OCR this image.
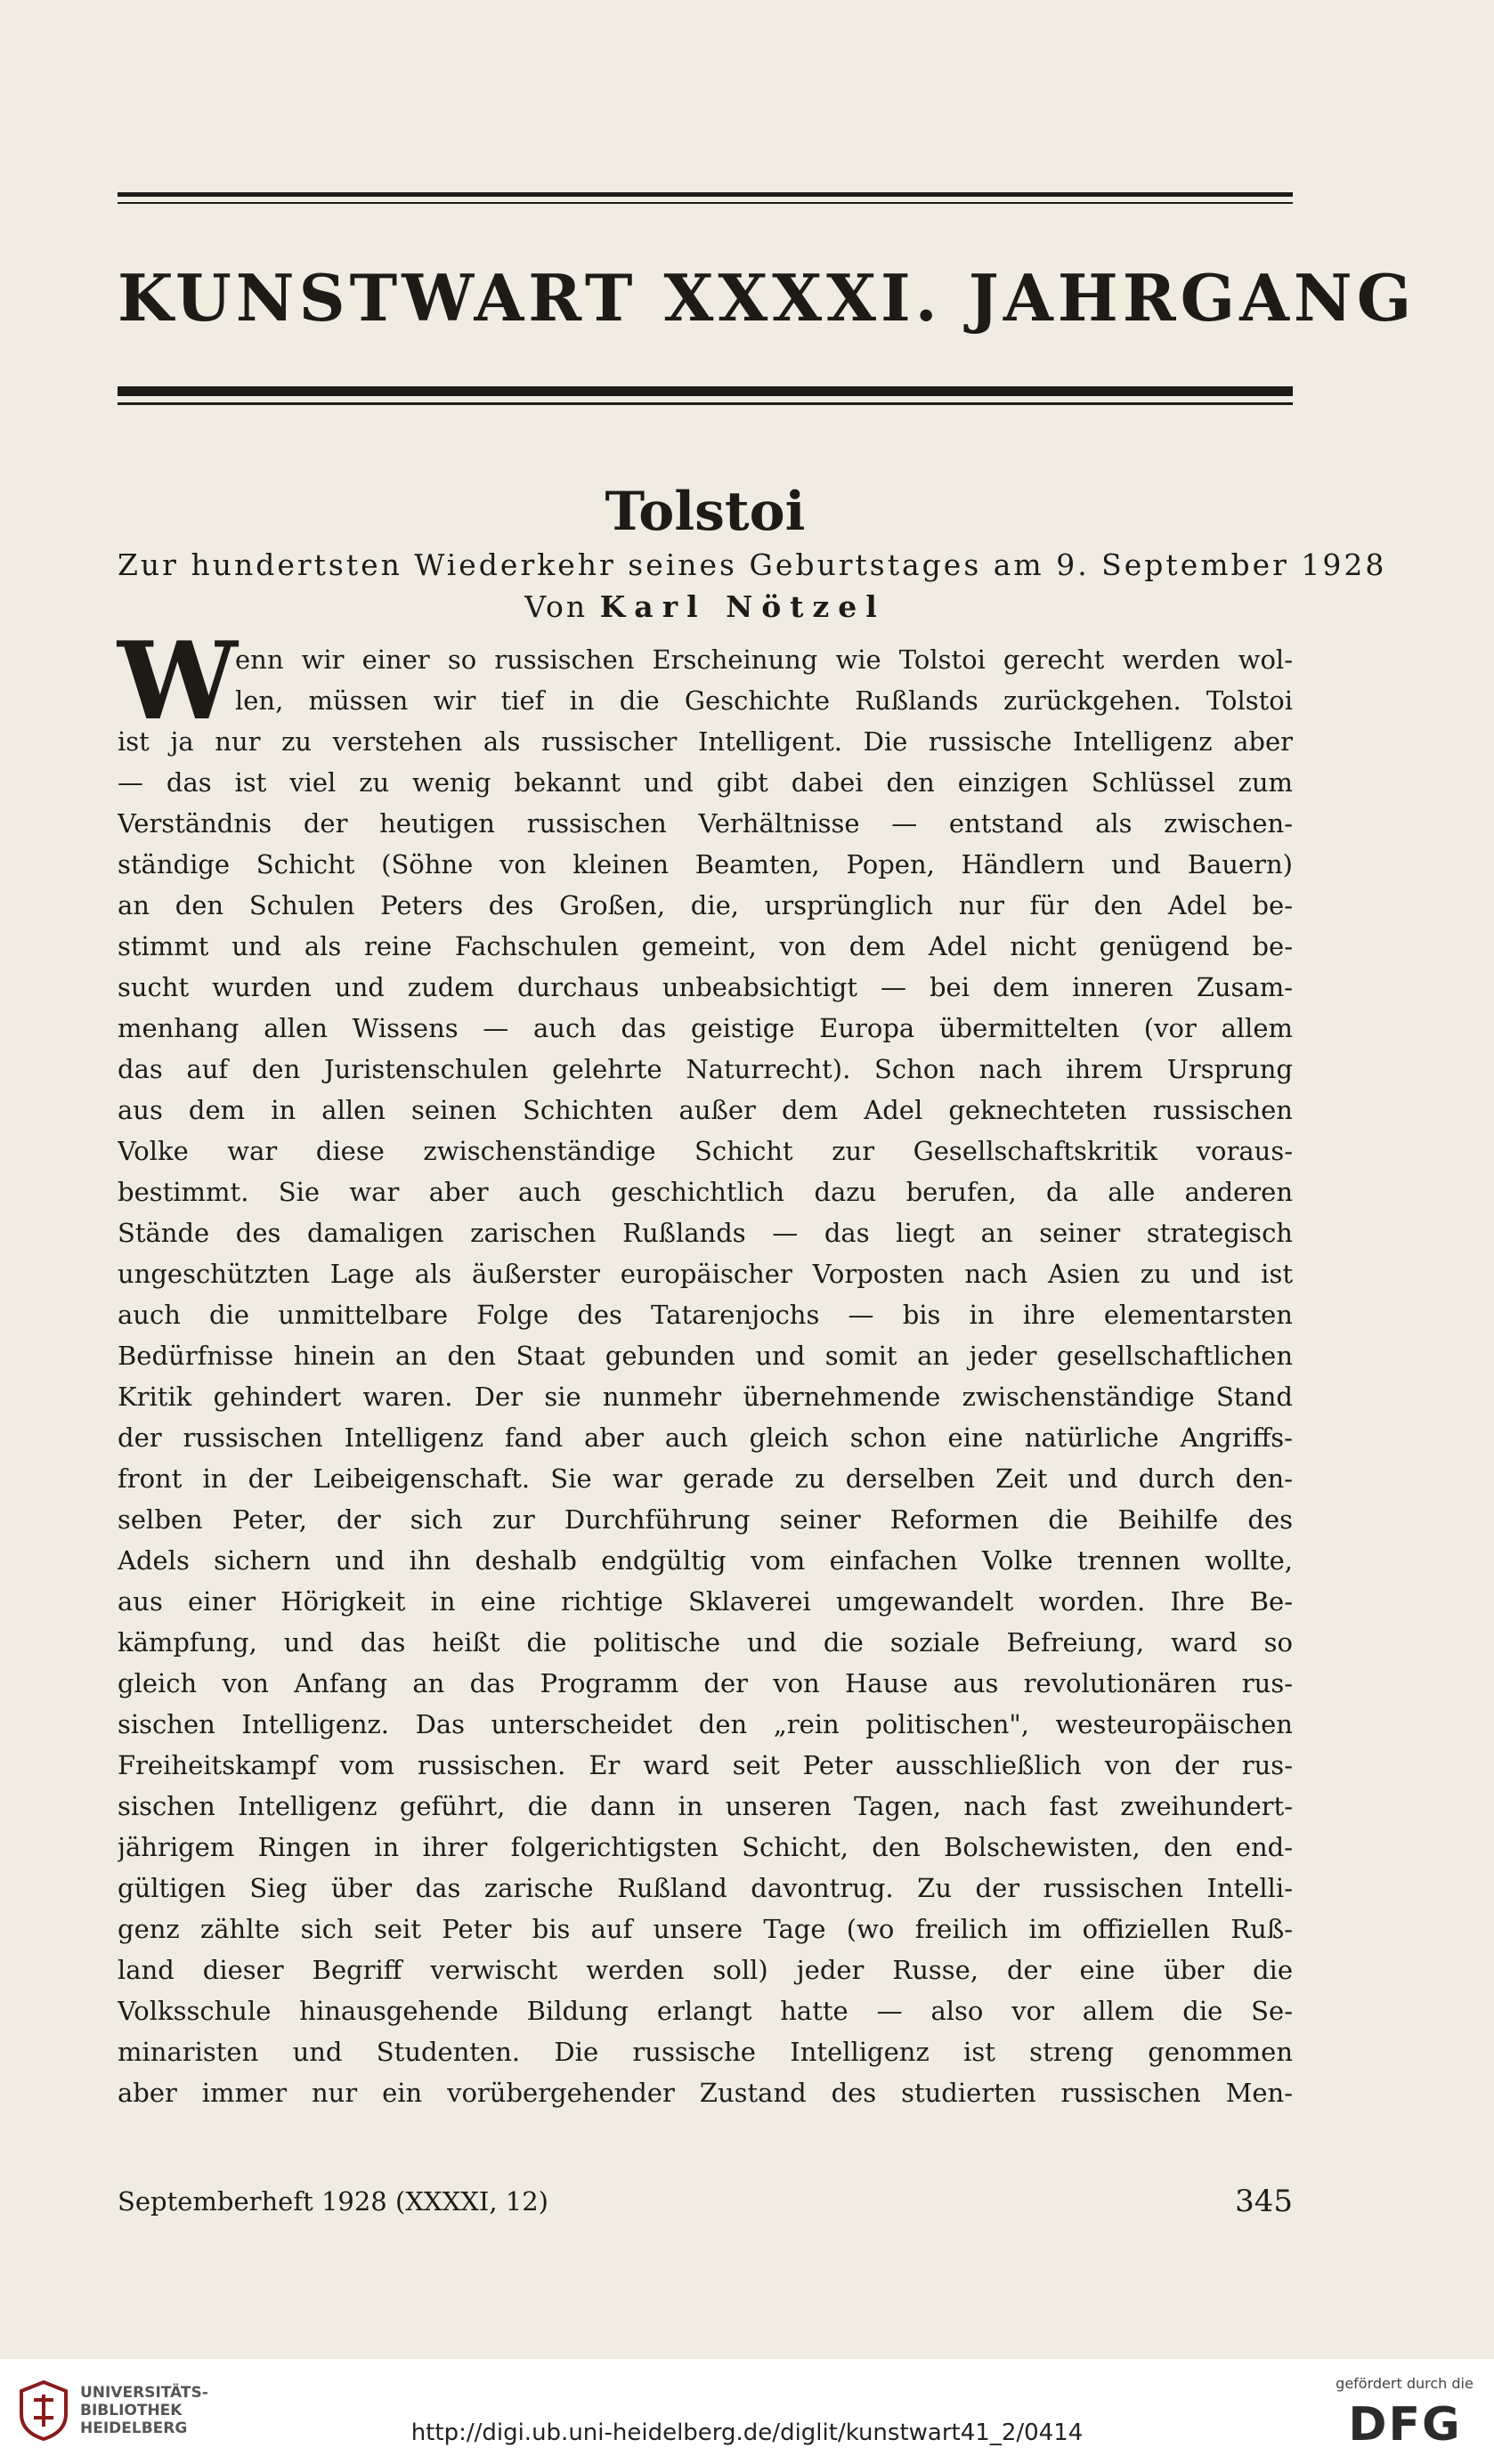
KUNSTWART XXXXI. JAHRGANG
Tolstoi
Zur hundertsten Wiederkehr seines Geburtstages am 9. September 1928
Von Karl Nötzel
W
enn wir einer so russischen Erscheinung wie Tolstoi gerecht werden wol-
len, müssen wir tief in die Geschichte Rußlands zurückgehen. Tolstoi
ist ja nur zu verstehen als russischer Intelligent. Die russische Intelligenz aber
— das ist viel zu wenig bekannt und gibt dabei den einzigen Schlüssel zum
Verständnis der heutigen russischen Verhältnisse — entstand als zwischen-
ständige Schicht (Söhne von kleinen Beamten, Popen, Händlern und Bauern)
an den Schulen Peters des Großen, die, ursprünglich nur für den Adel be-
stimmt und als reine Fachschulen gemeint, von dem Adel nicht genügend be-
sucht wurden und zudem durchaus unbeabsichtigt — bei dem inneren Zusam-
menhang allen Wissens — auch das geistige Europa übermittelten (vor allem
das auf den Juristenschulen gelehrte Naturrecht). Schon nach ihrem Ursprung
aus dem in allen seinen Schichten außer dem Adel geknechteten russischen
Volke war diese zwischenständige Schicht zur Gesellschaftskritik voraus-
bestimmt. Sie war aber auch geschichtlich dazu berufen, da alle anderen
Stände des damaligen zarischen Rußlands — das liegt an seiner strategisch
ungeschützten Lage als äußerster europäischer Vorposten nach Asien zu und ist
auch die unmittelbare Folge des Tatarenjochs — bis in ihre elementarsten
Bedürfnisse hinein an den Staat gebunden und somit an jeder gesellschaftlichen
Kritik gehindert waren. Der sie nunmehr übernehmende zwischenständige Stand
der russischen Intelligenz fand aber auch gleich schon eine natürliche Angriffs-
front in der Leibeigenschaft. Sie war gerade zu derselben Zeit und durch den-
selben Peter, der sich zur Durchführung seiner Reformen die Beihilfe des
Adels sichern und ihn deshalb endgültig vom einfachen Volke trennen wollte,
aus einer Hörigkeit in eine richtige Sklaverei umgewandelt worden. Ihre Be-
kämpfung, und das heißt die politische und die soziale Befreiung, ward so
gleich von Anfang an das Programm der von Hause aus revolutionären rus-
sischen Intelligenz. Das unterscheidet den „rein politischen", westeuropäischen
Freiheitskampf vom russischen. Er ward seit Peter ausschließlich von der rus-
sischen Intelligenz geführt, die dann in unseren Tagen, nach fast zweihundert-
jährigem Ringen in ihrer folgerichtigsten Schicht, den Bolschewisten, den end-
gültigen Sieg über das zarische Rußland davontrug. Zu der russischen Intelli-
genz zählte sich seit Peter bis auf unsere Tage (wo freilich im offiziellen Ruß-
land dieser Begriff verwischt werden soll) jeder Russe, der eine über die
Volksschule hinausgehende Bildung erlangt hatte — also vor allem die Se-
minaristen und Studenten. Die russische Intelligenz ist streng genommen
aber immer nur ein vorübergehender Zustand des studierten russischen Men-
Septemberheft 1928 (XXXXI, 12)	345
UNIVERSITÄTS-
BIBLIOTHEK
HEIDELBERG	http://digi.ub.uni-heidelberg.de/diglit/kunstwart41_2/0414
gefördert durch die
DFG
